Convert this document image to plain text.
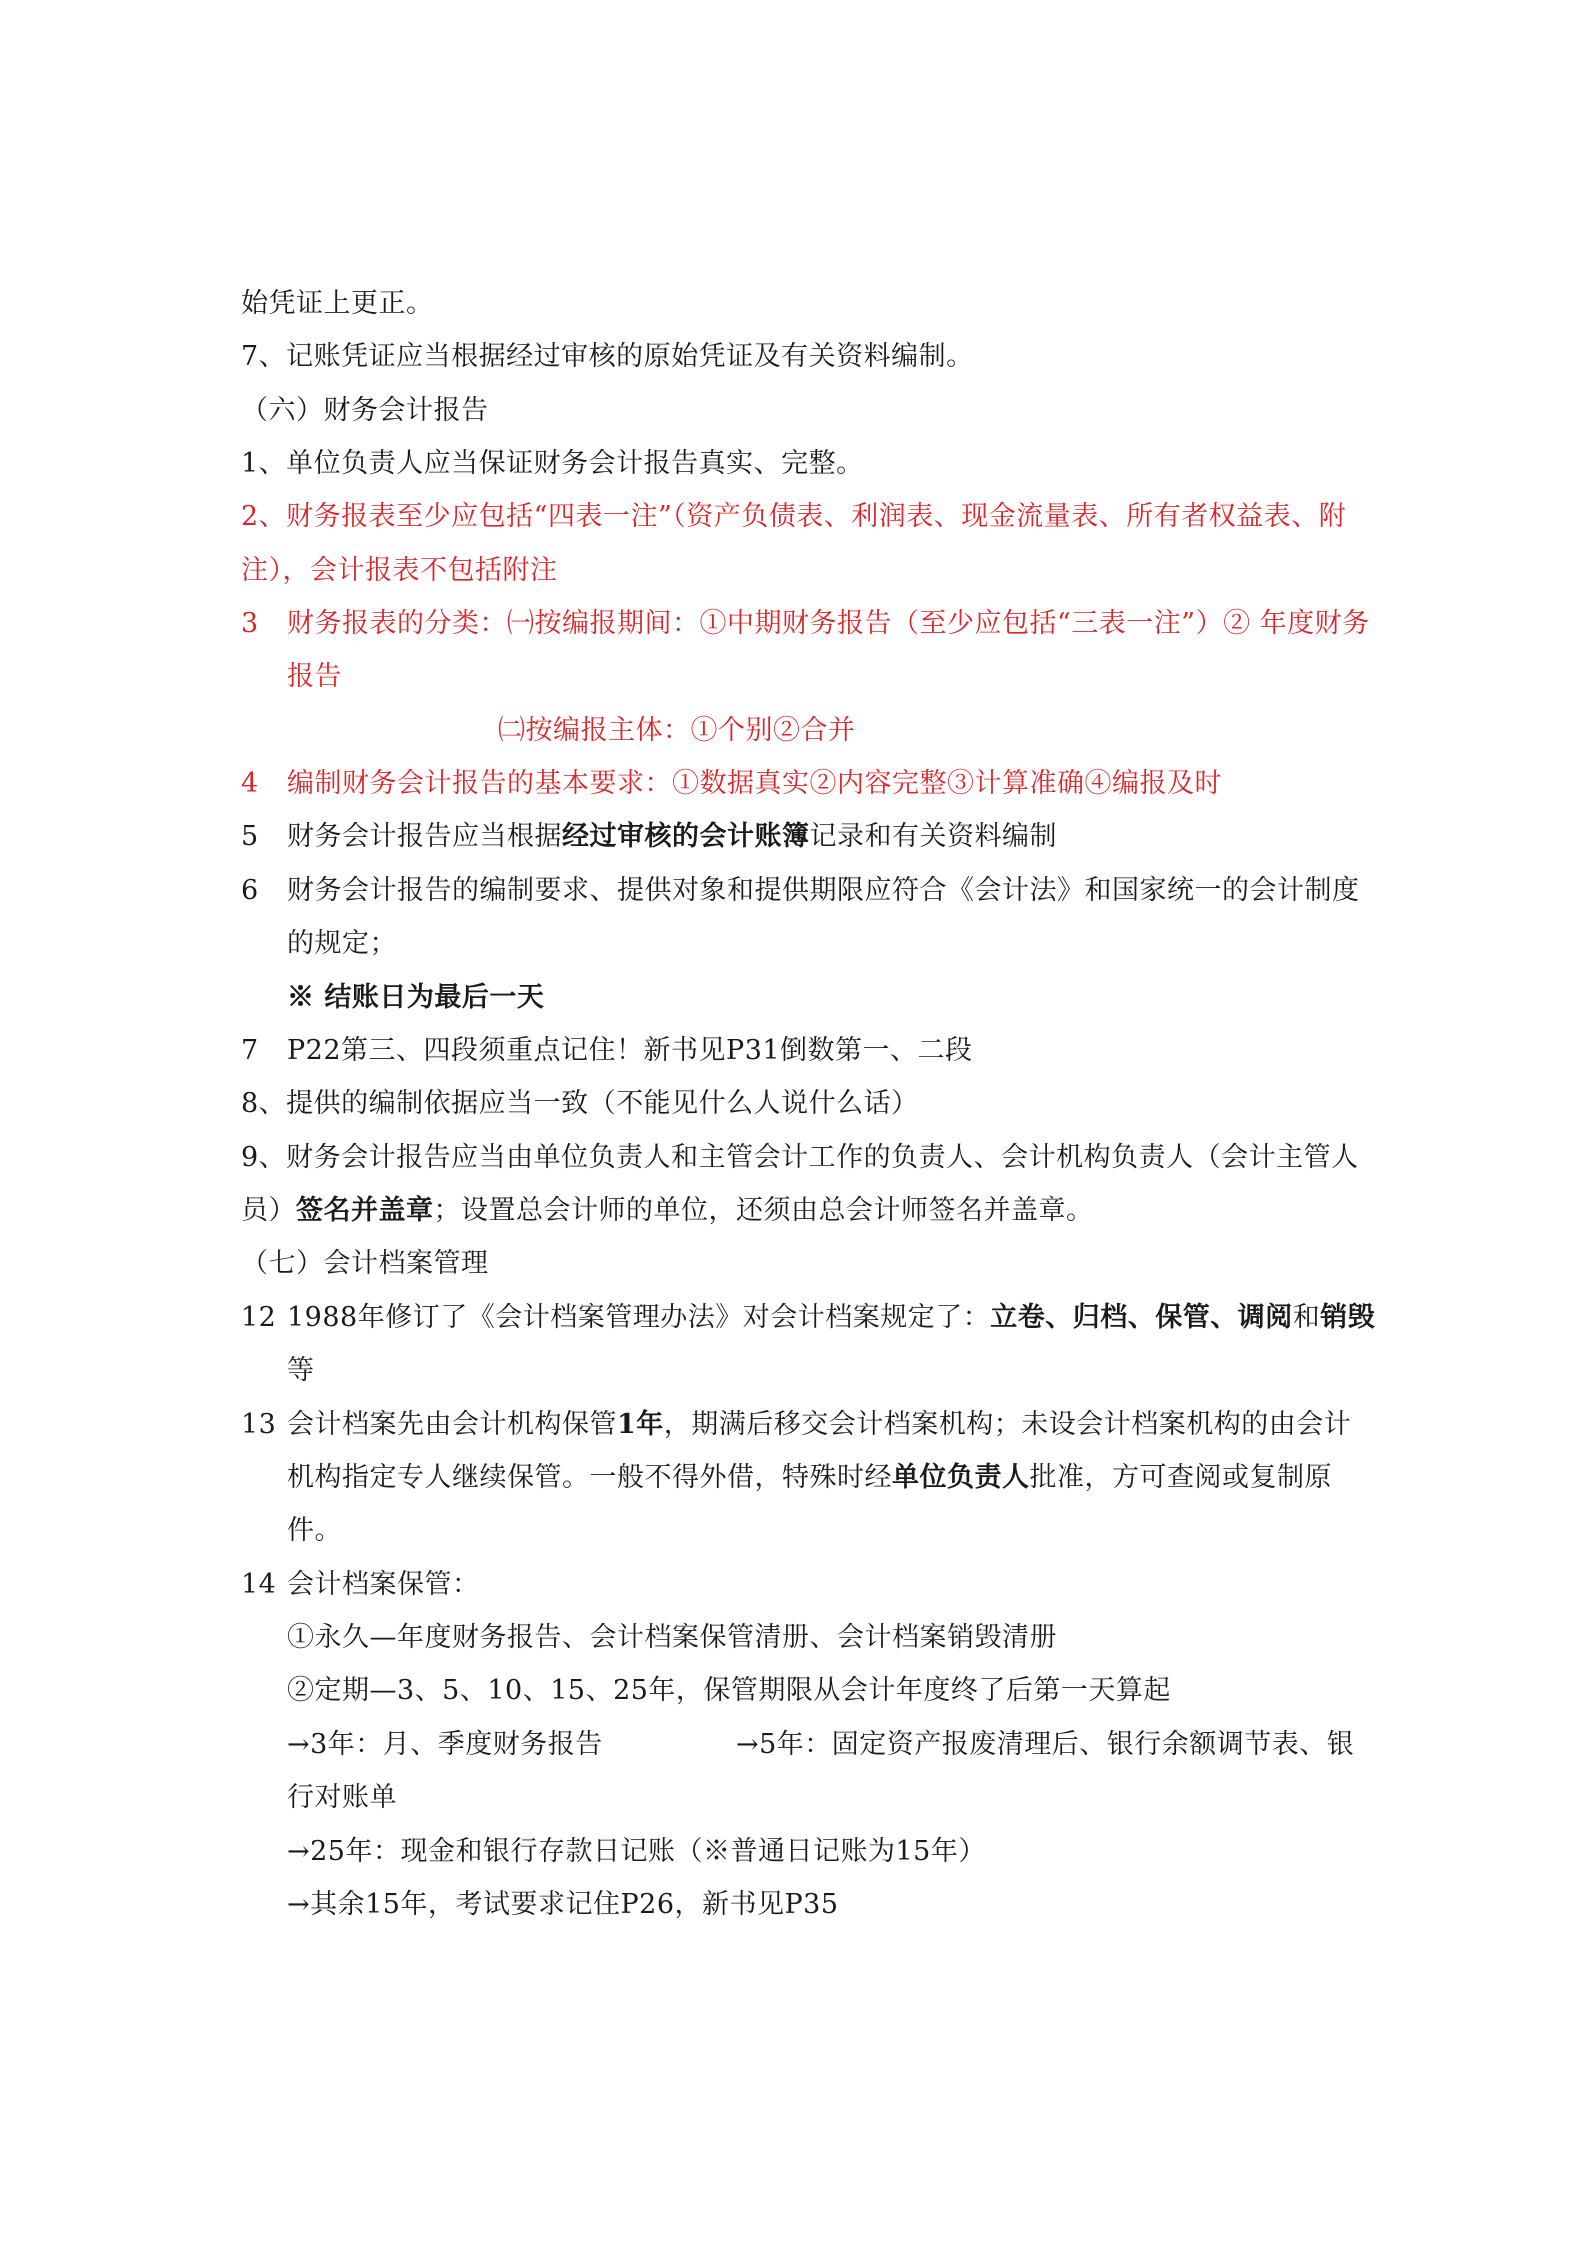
始凭证上更正。
7、记账凭证应当根据经过审核的原始凭证及有关资料编制。
（六）财务会计报告
1、单位负责人应当保证财务会计报告真实、完整。
2、财务报表至少应包括“四表一注”（资产负债表、利润表、现金流量表、所有者权益表、附
注），会计报表不包括附注
3 财务报表的分类：㈠按编报期间：①中期财务报告（至少应包括“三表一注”）② 年度财务
报告
㈡按编报主体：①个别②合并
4 编制财务会计报告的基本要求：①数据真实②内容完整③计算准确④编报及时
5 财务会计报告应当根据经过审核的会计账簿记录和有关资料编制
6 财务会计报告的编制要求、提供对象和提供期限应符合《会计法》和国家统一的会计制度
的规定；
※ 结账日为最后一天
7 P22第三、四段须重点记住！新书见P31倒数第一、二段
8、提供的编制依据应当一致（不能见什么人说什么话）
9、财务会计报告应当由单位负责人和主管会计工作的负责人、会计机构负责人（会计主管人
员）签名并盖章；设置总会计师的单位，还须由总会计师签名并盖章。
（七）会计档案管理
12 1988年修订了《会计档案管理办法》对会计档案规定了：立卷、归档、保管、调阅和销毁
等
13 会计档案先由会计机构保管1年，期满后移交会计档案机构；未设会计档案机构的由会计
机构指定专人继续保管。一般不得外借，特殊时经单位负责人批准，方可查阅或复制原
件。
14 会计档案保管：
①永久—年度财务报告、会计档案保管清册、会计档案销毁清册
②定期—3、5、10、15、25年，保管期限从会计年度终了后第一天算起
→3年：月、季度财务报告	→5年：固定资产报废清理后、银行余额调节表、银
行对账单
→25年：现金和银行存款日记账（※普通日记账为15年）
→其余15年，考试要求记住P26，新书见P35
